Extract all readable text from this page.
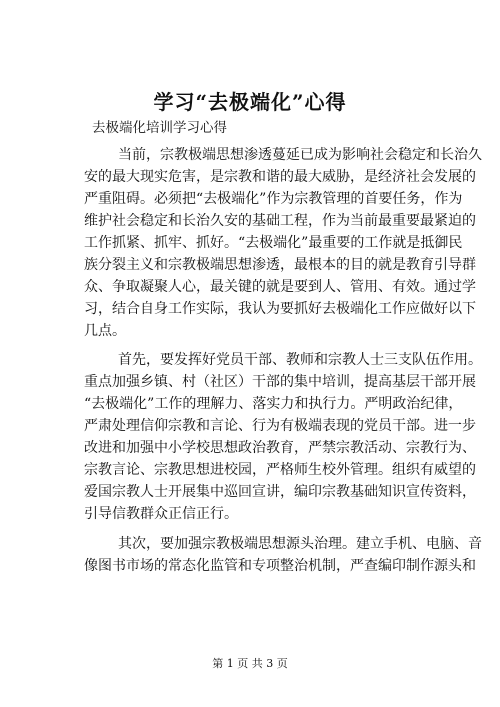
学习“去极端化”心得
去极端化培训学习心得
当前，宗教极端思想渗透蔓延已成为影响社会稳定和长治久
安的最大现实危害，是宗教和谐的最大威胁，是经济社会发展的
严重阻碍。必须把“去极端化”作为宗教管理的首要任务，作为
维护社会稳定和长治久安的基础工程，作为当前最重要最紧迫的
工作抓紧、抓牢、抓好。“去极端化”最重要的工作就是抵御民
族分裂主义和宗教极端思想渗透，最根本的目的就是教育引导群
众、争取凝聚人心，最关键的就是要到人、管用、有效。通过学
习，结合自身工作实际，我认为要抓好去极端化工作应做好以下
几点。
首先，要发挥好党员干部、教师和宗教人士三支队伍作用。
重点加强乡镇、村（社区）干部的集中培训，提高基层干部开展
“去极端化”工作的理解力、落实力和执行力。严明政治纪律，
严肃处理信仰宗教和言论、行为有极端表现的党员干部。进一步
改进和加强中小学校思想政治教育，严禁宗教活动、宗教行为、
宗教言论、宗教思想进校园，严格师生校外管理。组织有威望的
爱国宗教人士开展集中巡回宣讲，编印宗教基础知识宣传资料，
引导信教群众正信正行。
其次，要加强宗教极端思想源头治理。建立手机、电脑、音
像图书市场的常态化监管和专项整治机制，严查编印制作源头和
第 1 页 共 3 页
